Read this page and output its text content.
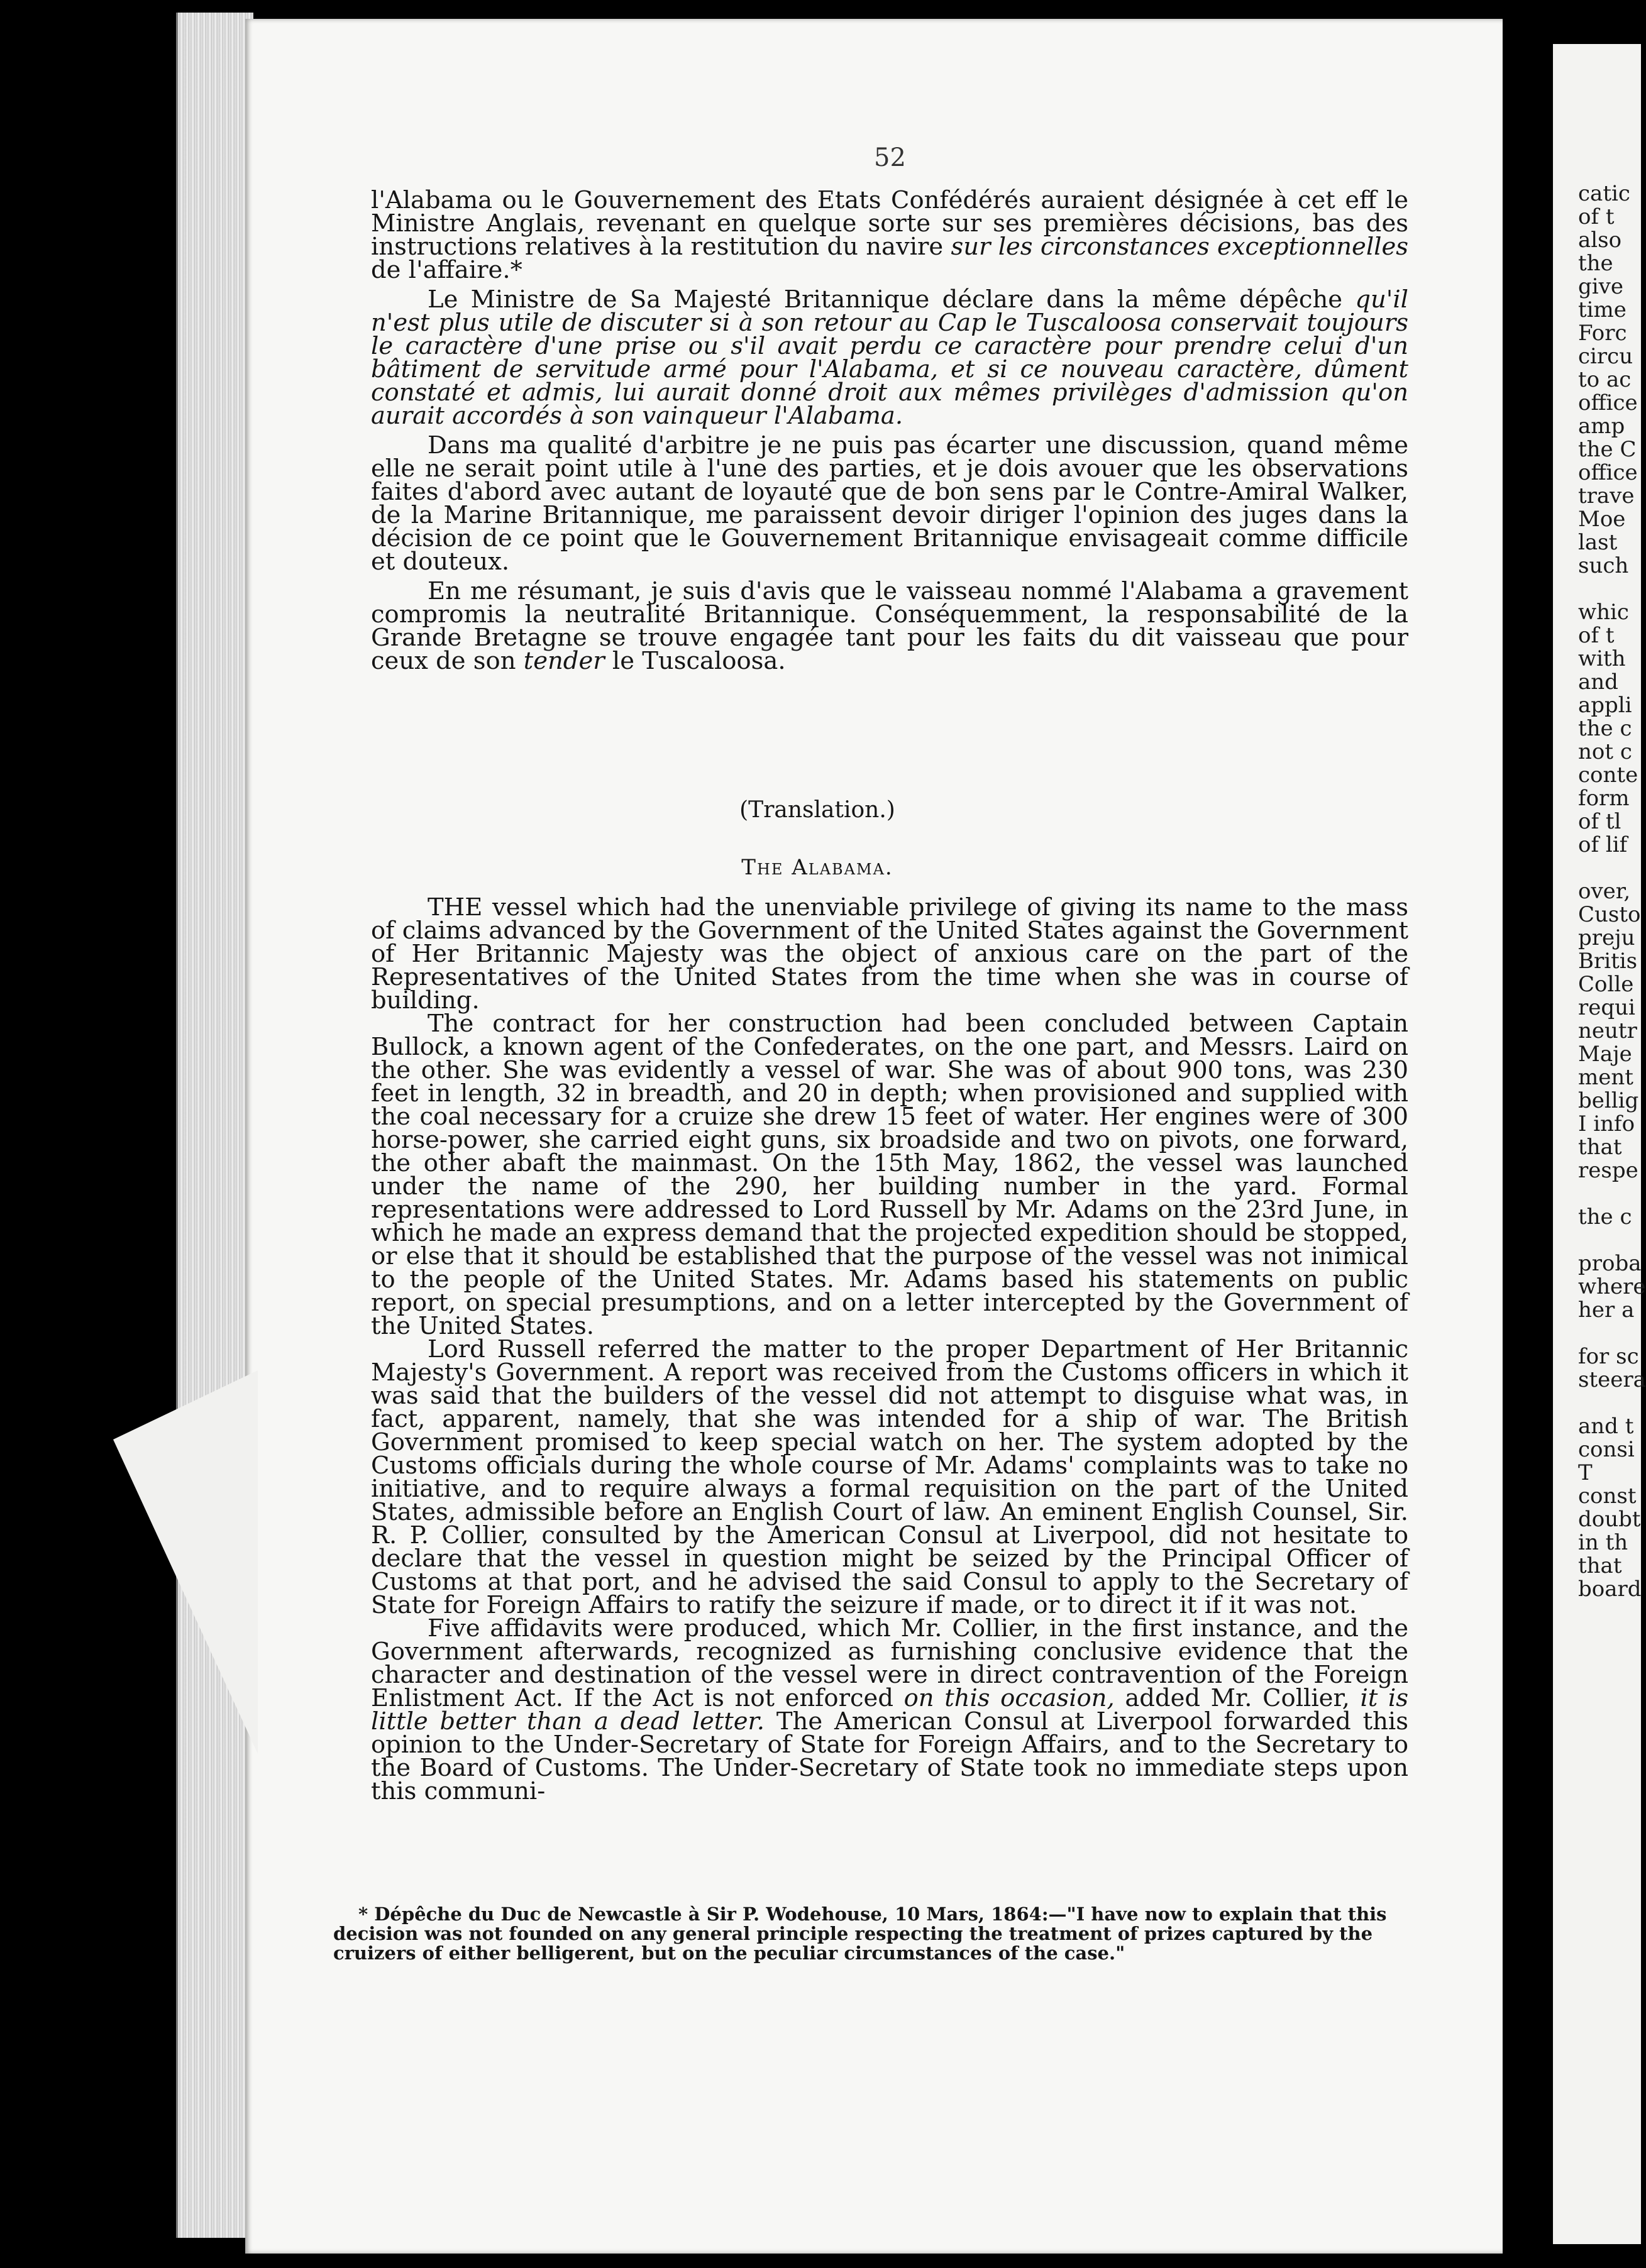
52

l'Alabama ou le Gouvernement des Etats Confédérés auraient désignée à cet eff le Ministre Anglais, revenant en quelque sorte sur ses premières décisions, bas des instructions relatives à la restitution du navire sur les circonstances exceptionnelles de l'affaire.*

Le Ministre de Sa Majesté Britannique déclare dans la même dépêche qu'il n'est plus utile de discuter si à son retour au Cap le Tuscaloosa conservait toujours le caractère d'une prise ou s'il avait perdu ce caractère pour prendre celui d'un bâtiment de servitude armé pour l'Alabama, et si ce nouveau caractère, dûment constaté et admis, lui aurait donné droit aux mêmes privilèges d'admission qu'on aurait accordés à son vainqueur l'Alabama.

Dans ma qualité d'arbitre je ne puis pas écarter une discussion, quand même elle ne serait point utile à l'une des parties, et je dois avouer que les observations faites d'abord avec autant de loyauté que de bon sens par le Contre-Amiral Walker, de la Marine Britannique, me paraissent devoir diriger l'opinion des juges dans la décision de ce point que le Gouvernement Britannique envisageait comme difficile et douteux.

En me résumant, je suis d'avis que le vaisseau nommé l'Alabama a gravement compromis la neutralité Britannique. Conséquemment, la responsabilité de la Grande Bretagne se trouve engagée tant pour les faits du dit vaisseau que pour ceux de son tender le Tuscaloosa.

(Translation.)
The Alabama.

THE vessel which had the unenviable privilege of giving its name to the mass of claims advanced by the Government of the United States against the Government of Her Britannic Majesty was the object of anxious care on the part of the Representatives of the United States from the time when she was in course of building.

The contract for her construction had been concluded between Captain Bullock, a known agent of the Confederates, on the one part, and Messrs. Laird on the other. She was evidently a vessel of war. She was of about 900 tons, was 230 feet in length, 32 in breadth, and 20 in depth; when provisioned and supplied with the coal necessary for a cruize she drew 15 feet of water. Her engines were of 300 horse-power, she carried eight guns, six broadside and two on pivots, one forward, the other abaft the mainmast. On the 15th May, 1862, the vessel was launched under the name of the 290, her building number in the yard. Formal representations were addressed to Lord Russell by Mr. Adams on the 23rd June, in which he made an express demand that the projected expedition should be stopped, or else that it should be established that the purpose of the vessel was not inimical to the people of the United States. Mr. Adams based his statements on public report, on special presumptions, and on a letter intercepted by the Government of the United States.

Lord Russell referred the matter to the proper Department of Her Britannic Majesty's Government. A report was received from the Customs officers in which it was said that the builders of the vessel did not attempt to disguise what was, in fact, apparent, namely, that she was intended for a ship of war. The British Government promised to keep special watch on her. The system adopted by the Customs officials during the whole course of Mr. Adams' complaints was to take no initiative, and to require always a formal requisition on the part of the United States, admissible before an English Court of law. An eminent English Counsel, Sir. R. P. Collier, consulted by the American Consul at Liverpool, did not hesitate to declare that the vessel in question might be seized by the Principal Officer of Customs at that port, and he advised the said Consul to apply to the Secretary of State for Foreign Affairs to ratify the seizure if made, or to direct it if it was not.

Five affidavits were produced, which Mr. Collier, in the first instance, and the Government afterwards, recognized as furnishing conclusive evidence that the character and destination of the vessel were in direct contravention of the Foreign Enlistment Act. If the Act is not enforced on this occasion, added Mr. Collier, it is little better than a dead letter. The American Consul at Liverpool forwarded this opinion to the Under-Secretary of State for Foreign Affairs, and to the Secretary to the Board of Customs. The Under-Secretary of State took no immediate steps upon this communi-

* Dépêche du Duc de Newcastle à Sir P. Wodehouse, 10 Mars, 1864:—"I have now to explain that this decision was not founded on any general principle respecting the treatment of prizes captured by the cruizers of either belligerent, but on the peculiar circumstances of the case."
catic
of t
also
the
give
time
Forc
circu
to ac
office
amp
the C
office
trave
Moe
last
such
whic
of t
with
and
appli
the c
not c
conte
form
of tl
of lif
over,
Custo
preju
Britis
Colle
requi
neutr
Maje
ment
bellig
I info
that
respe
the c
proba
where
her a
for sc
steera
and t
consi
T
const
doubt
in th
that
board
